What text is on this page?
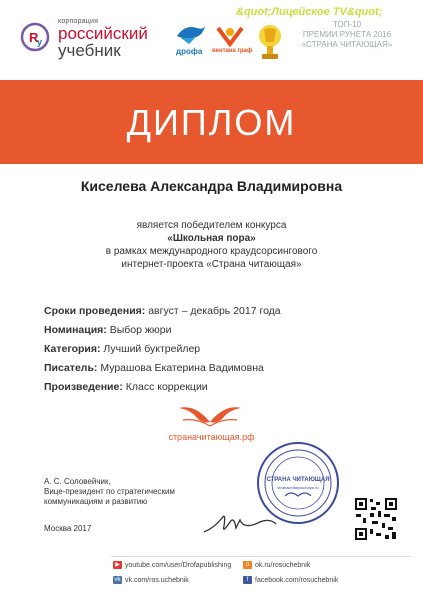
R
y
корпорация
российский
учебник	дрофа вентана граф
&quot;Лицейское TV&quot;
ТОП-10
ПРЕМИИ РУНЕТА 2016
«СТРАНА ЧИТАЮЩАЯ»
ДИПЛОМ
Киселева Александра Владимировна
является победителем конкурса
«Школьная пора»
в рамках международного краудсорсингового
интернет-проекта «Страна читающая»
Сроки проведения: август – декабрь 2017 года
Номинация: Выбор жюри
Категория: Лучший буктрейлер
Писатель: Мурашова Екатерина Вадимовна
Произведение: Класс коррекции
страначитающая.рф
А. С. Соловейчик,
Вице-президент по стратегическим
коммуникациям и развитию
Москва 2017
СТРАНА ЧИТАЮЩАЯ
stranachitayuschaya.ru
▶ youtube.com/user/Drofapublishing	o ok.ru/rosuchebnik
vk vk.com/ros.uchebnik	f facebook.com/rosuchebnik
